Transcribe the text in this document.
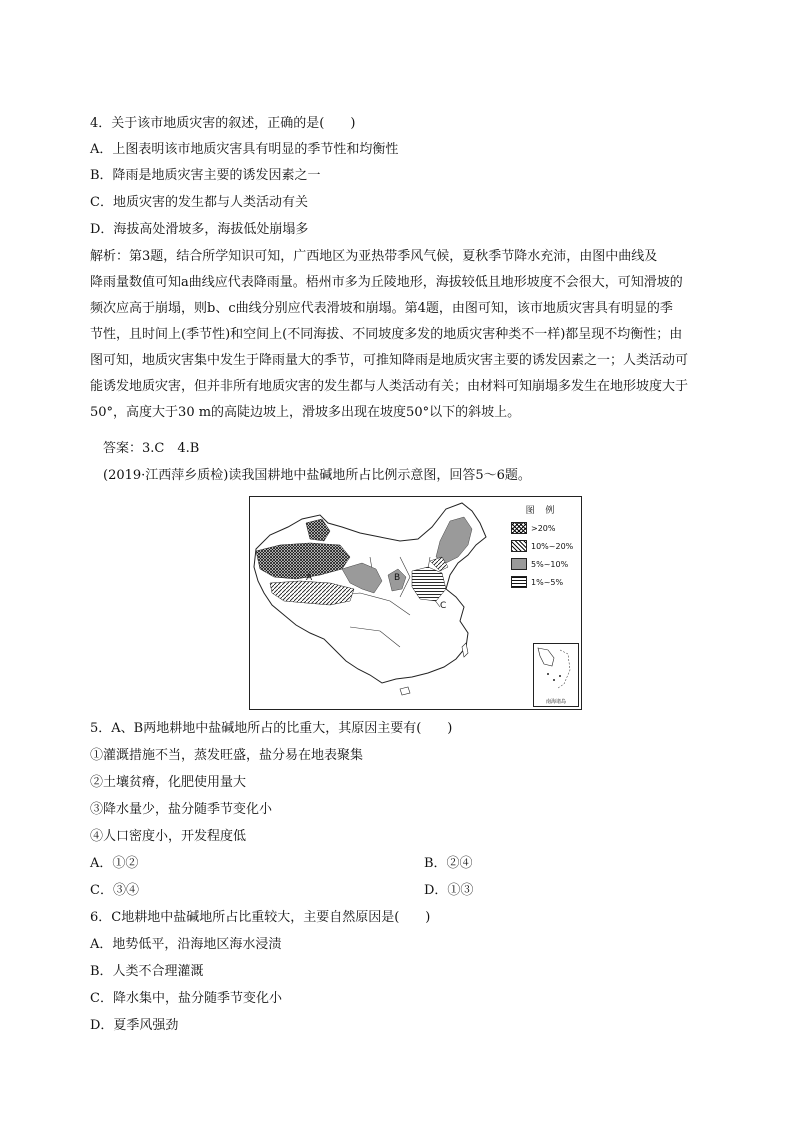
4．关于该市地质灾害的叙述，正确的是(　　)
A．上图表明该市地质灾害具有明显的季节性和均衡性
B．降雨是地质灾害主要的诱发因素之一
C．地质灾害的发生都与人类活动有关
D．海拔高处滑坡多，海拔低处崩塌多
解析：第3题，结合所学知识可知，广西地区为亚热带季风气候，夏秋季节降水充沛，由图中曲线及
降雨量数值可知a曲线应代表降雨量。梧州市多为丘陵地形，海拔较低且地形坡度不会很大，可知滑坡的
频次应高于崩塌，则b、c曲线分别应代表滑坡和崩塌。第4题，由图可知，该市地质灾害具有明显的季
节性，且时间上(季节性)和空间上(不同海拔、不同坡度多发的地质灾害种类不一样)都呈现不均衡性；由
图可知，地质灾害集中发生于降雨量大的季节，可推知降雨是地质灾害主要的诱发因素之一；人类活动可
能诱发地质灾害，但并非所有地质灾害的发生都与人类活动有关；由材料可知崩塌多发生在地形坡度大于
50°，高度大于30 m的高陡边坡上，滑坡多出现在坡度50°以下的斜坡上。
答案：3.C　4.B
(2019·江西萍乡质检)读我国耕地中盐碱地所占比例示意图，回答5～6题。
A	B
C
图 例
>20%
10%~20%
5%~10%
1%~5%
南海诸岛
5．A、B两地耕地中盐碱地所占的比重大，其原因主要有(　　)
①灌溉措施不当，蒸发旺盛，盐分易在地表聚集
②土壤贫瘠，化肥使用量大
③降水量少，盐分随季节变化小
④人口密度小，开发程度低
A．①②	B．②④
C．③④	D．①③
6．C地耕地中盐碱地所占比重较大，主要自然原因是(　　)
A．地势低平，沿海地区海水浸渍
B．人类不合理灌溉
C．降水集中，盐分随季节变化小
D．夏季风强劲
